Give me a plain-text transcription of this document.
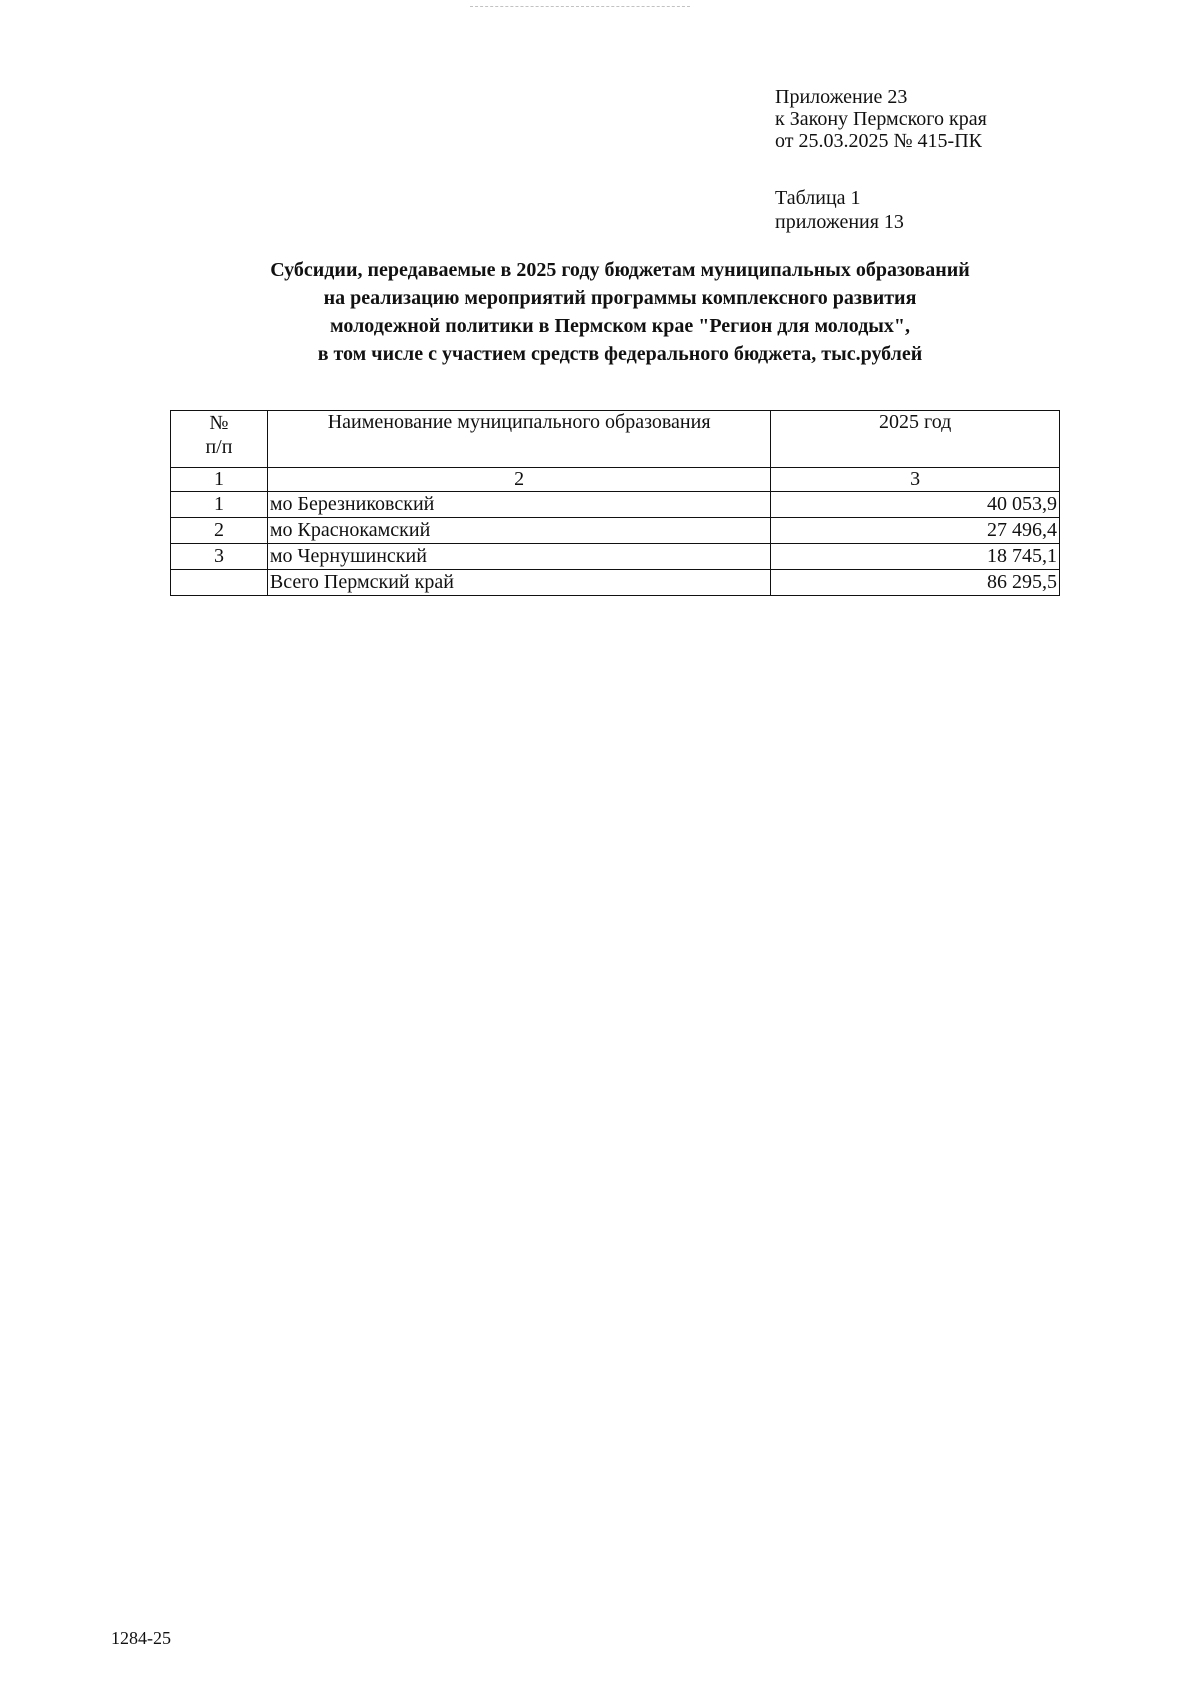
Приложение 23
к Закону Пермского края
от 25.03.2025 № 415-ПК
Таблица 1
приложения 13
Субсидии, передаваемые в 2025 году бюджетам муниципальных образований
на реализацию мероприятий программы комплексного развития
молодежной политики в Пермском крае "Регион для молодых",
в том числе с участием средств федерального бюджета, тыс.рублей
№
п/п	Наименование муниципального образования	2025 год
1	2	3
1	мо Березниковский	40 053,9
2	мо Краснокамский	27 496,4
3	мо Чернушинский	18 745,1
	Всего Пермский край	86 295,5
1284-25
